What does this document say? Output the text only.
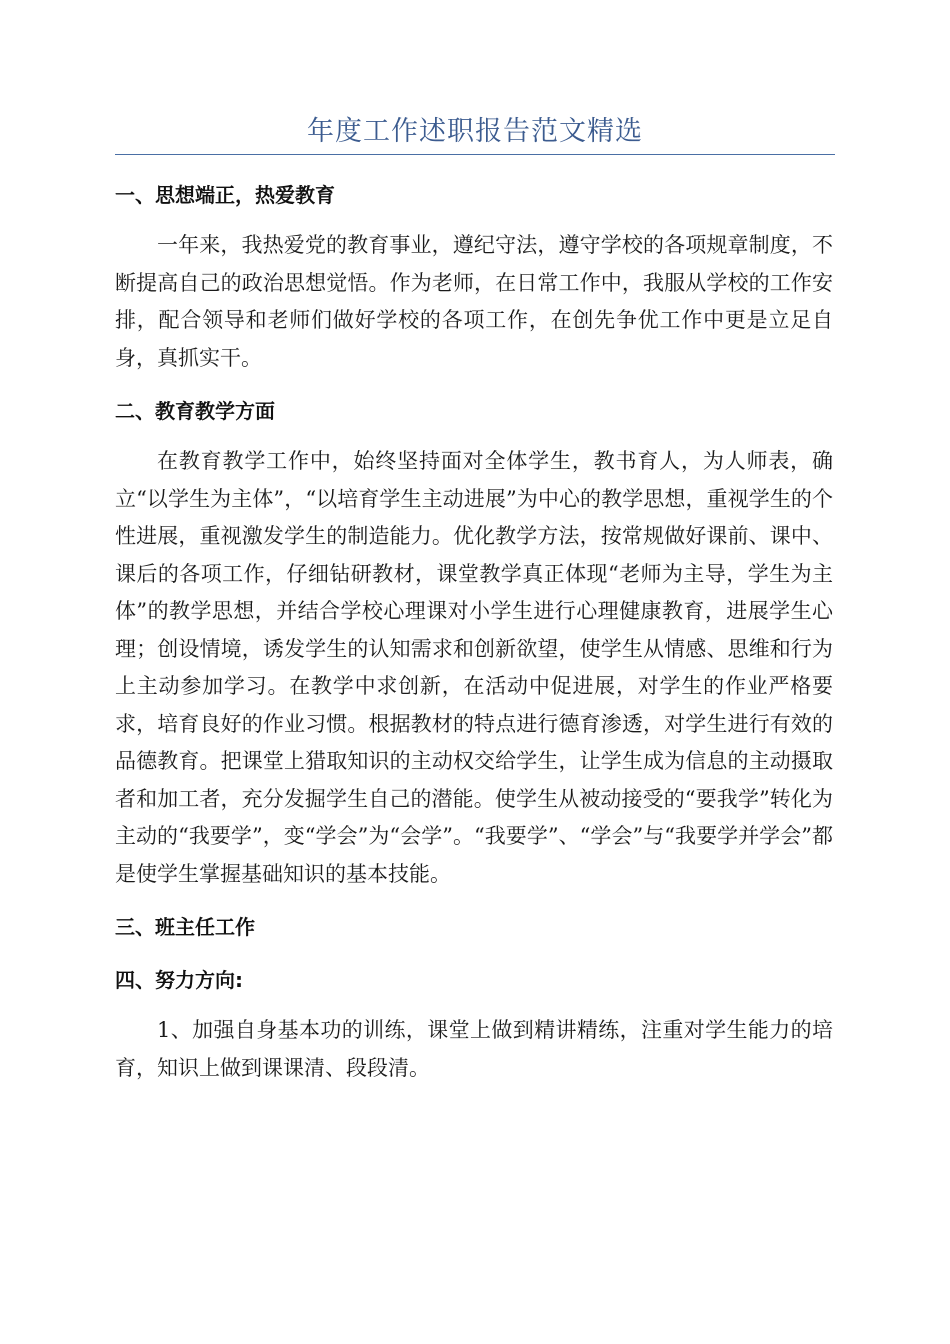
年度工作述职报告范文精选
一、思想端正，热爱教育

一年来，我热爱党的教育事业，遵纪守法，遵守学校的各项规章制度，不断提高自己的政治思想觉悟。作为老师，在日常工作中，我服从学校的工作安排，配合领导和老师们做好学校的各项工作，在创先争优工作中更是立足自身，真抓实干。

二、教育教学方面

在教育教学工作中，始终坚持面对全体学生，教书育人，为人师表，确立“以学生为主体”，“以培育学生主动进展”为中心的教学思想，重视学生的个性进展，重视激发学生的制造能力。优化教学方法，按常规做好课前、课中、课后的各项工作，仔细钻研教材，课堂教学真正体现“老师为主导，学生为主体”的教学思想，并结合学校心理课对小学生进行心理健康教育，进展学生心理；创设情境，诱发学生的认知需求和创新欲望，使学生从情感、思维和行为上主动参加学习。在教学中求创新，在活动中促进展，对学生的作业严格要求，培育良好的作业习惯。根据教材的特点进行德育渗透，对学生进行有效的品德教育。把课堂上猎取知识的主动权交给学生，让学生成为信息的主动摄取者和加工者，充分发掘学生自己的潜能。使学生从被动接受的“要我学”转化为主动的“我要学”，变“学会”为“会学”。“我要学”、“学会”与“我要学并学会”都是使学生掌握基础知识的基本技能。

三、班主任工作
四、努力方向:

1、加强自身基本功的训练，课堂上做到精讲精练，注重对学生能力的培育，知识上做到课课清、段段清。
